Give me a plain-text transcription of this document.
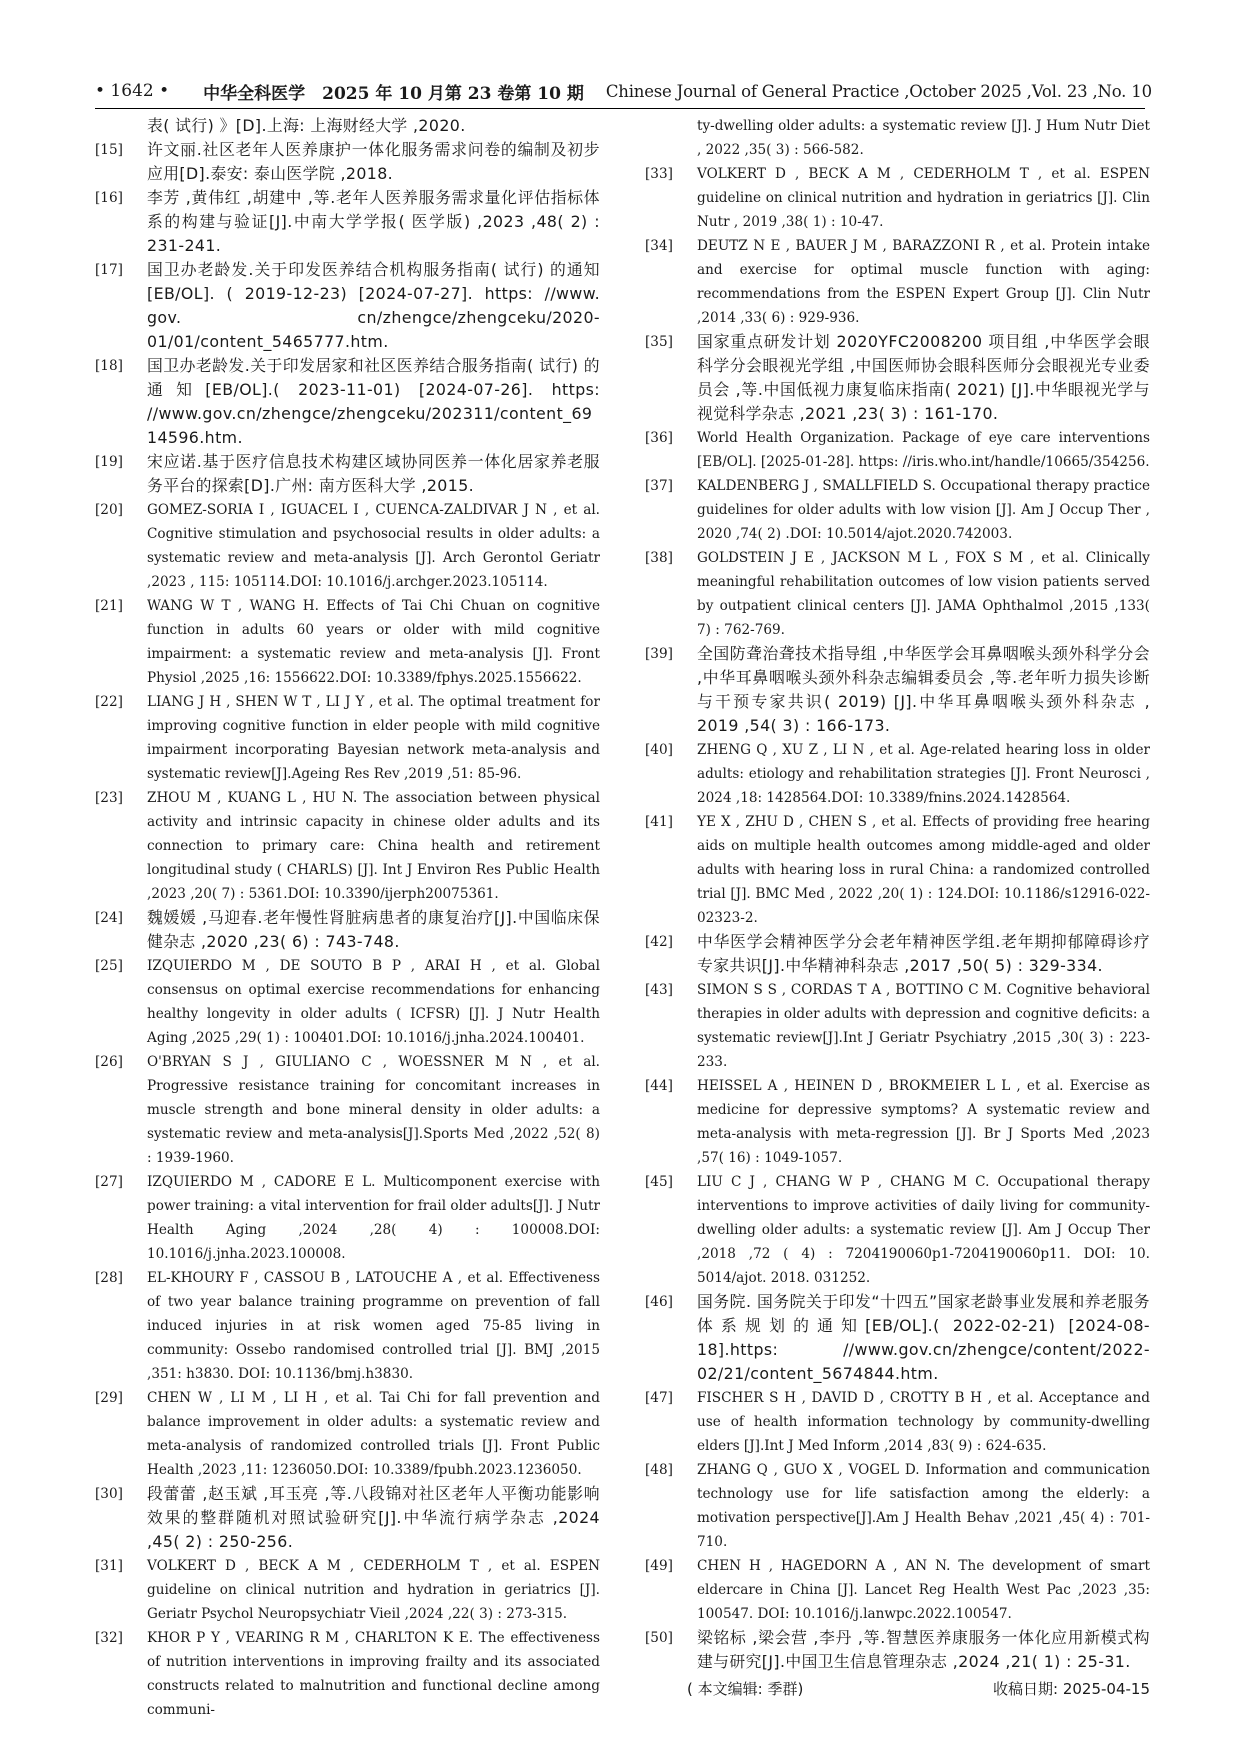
• 1642 • 中华全科医学　2025 年 10 月第 23 卷第 10 期 Chinese Journal of General Practice ,October 2025 ,Vol. 23 ,No. 10
表( 试行) 》[D].上海: 上海财经大学 ,2020.
[15]	许文丽.社区老年人医养康护一体化服务需求问卷的编制及初步应用[D].泰安: 泰山医学院 ,2018.
[16]	李芳 ,黄伟红 ,胡建中 ,等.老年人医养服务需求量化评估指标体系的构建与验证[J].中南大学学报( 医学版) ,2023 ,48( 2) : 231-241.
[17]	国卫办老龄发.关于印发医养结合机构服务指南( 试行) 的通知[EB/OL]. ( 2019-12-23) [2024-07-27]. https: //www. gov. cn/zhengce/zhengceku/2020-01/01/content_5465777.htm.
[18]	国卫办老龄发.关于印发居家和社区医养结合服务指南( 试行) 的通知[EB/OL].( 2023-11-01) [2024-07-26]. https: //www.gov.cn/zhengce/zhengceku/202311/content_6914596.htm.
[19]	宋应诺.基于医疗信息技术构建区域协同医养一体化居家养老服务平台的探索[D].广州: 南方医科大学 ,2015.
[20]	GOMEZ-SORIA I , IGUACEL I , CUENCA-ZALDIVAR J N , et al. Cognitive stimulation and psychosocial results in older adults: a systematic review and meta-analysis [J]. Arch Gerontol Geriatr ,2023 , 115: 105114.DOI: 10.1016/j.archger.2023.105114.
[21]	WANG W T , WANG H. Effects of Tai Chi Chuan on cognitive function in adults 60 years or older with mild cognitive impairment: a systematic review and meta-analysis [J]. Front Physiol ,2025 ,16: 1556622.DOI: 10.3389/fphys.2025.1556622.
[22]	LIANG J H , SHEN W T , LI J Y , et al. The optimal treatment for improving cognitive function in elder people with mild cognitive impairment incorporating Bayesian network meta-analysis and systematic review[J].Ageing Res Rev ,2019 ,51: 85-96.
[23]	ZHOU M , KUANG L , HU N. The association between physical activity and intrinsic capacity in chinese older adults and its connection to primary care: China health and retirement longitudinal study ( CHARLS) [J]. Int J Environ Res Public Health ,2023 ,20( 7) : 5361.DOI: 10.3390/ijerph20075361.
[24]	魏媛媛 ,马迎春.老年慢性肾脏病患者的康复治疗[J].中国临床保健杂志 ,2020 ,23( 6) : 743-748.
[25]	IZQUIERDO M , DE SOUTO B P , ARAI H , et al. Global consensus on optimal exercise recommendations for enhancing healthy longevity in older adults ( ICFSR) [J]. J Nutr Health Aging ,2025 ,29( 1) : 100401.DOI: 10.1016/j.jnha.2024.100401.
[26]	O'BRYAN S J , GIULIANO C , WOESSNER M N , et al. Progressive resistance training for concomitant increases in muscle strength and bone mineral density in older adults: a systematic review and meta-analysis[J].Sports Med ,2022 ,52( 8) : 1939-1960.
[27]	IZQUIERDO M , CADORE E L. Multicomponent exercise with power training: a vital intervention for frail older adults[J]. J Nutr Health Aging ,2024 ,28( 4) : 100008.DOI: 10.1016/j.jnha.2023.100008.
[28]	EL-KHOURY F , CASSOU B , LATOUCHE A , et al. Effectiveness of two year balance training programme on prevention of fall induced injuries in at risk women aged 75-85 living in community: Ossebo randomised controlled trial [J]. BMJ ,2015 ,351: h3830. DOI: 10.1136/bmj.h3830.
[29]	CHEN W , LI M , LI H , et al. Tai Chi for fall prevention and balance improvement in older adults: a systematic review and meta-analysis of randomized controlled trials [J]. Front Public Health ,2023 ,11: 1236050.DOI: 10.3389/fpubh.2023.1236050.
[30]	段蕾蕾 ,赵玉斌 ,耳玉亮 ,等.八段锦对社区老年人平衡功能影响效果的整群随机对照试验研究[J].中华流行病学杂志 ,2024 ,45( 2) : 250-256.
[31]	VOLKERT D , BECK A M , CEDERHOLM T , et al. ESPEN guideline on clinical nutrition and hydration in geriatrics [J]. Geriatr Psychol Neuropsychiatr Vieil ,2024 ,22( 3) : 273-315.
[32]	KHOR P Y , VEARING R M , CHARLTON K E. The effectiveness of nutrition interventions in improving frailty and its associated constructs related to malnutrition and functional decline among communi-
ty-dwelling older adults: a systematic review [J]. J Hum Nutr Diet , 2022 ,35( 3) : 566-582.
[33]	VOLKERT D , BECK A M , CEDERHOLM T , et al. ESPEN guideline on clinical nutrition and hydration in geriatrics [J]. Clin Nutr , 2019 ,38( 1) : 10-47.
[34]	DEUTZ N E , BAUER J M , BARAZZONI R , et al. Protein intake and exercise for optimal muscle function with aging: recommendations from the ESPEN Expert Group [J]. Clin Nutr ,2014 ,33( 6) : 929-936.
[35]	国家重点研发计划 2020YFC2008200 项目组 ,中华医学会眼科学分会眼视光学组 ,中国医师协会眼科医师分会眼视光专业委员会 ,等.中国低视力康复临床指南( 2021) [J].中华眼视光学与视觉科学杂志 ,2021 ,23( 3) : 161-170.
[36]	World Health Organization. Package of eye care interventions [EB/OL]. [2025-01-28]. https: //iris.who.int/handle/10665/354256.
[37]	KALDENBERG J , SMALLFIELD S. Occupational therapy practice guidelines for older adults with low vision [J]. Am J Occup Ther , 2020 ,74( 2) .DOI: 10.5014/ajot.2020.742003.
[38]	GOLDSTEIN J E , JACKSON M L , FOX S M , et al. Clinically meaningful rehabilitation outcomes of low vision patients served by outpatient clinical centers [J]. JAMA Ophthalmol ,2015 ,133( 7) : 762-769.
[39]	全国防聋治聋技术指导组 ,中华医学会耳鼻咽喉头颈外科学分会 ,中华耳鼻咽喉头颈外科杂志编辑委员会 ,等.老年听力损失诊断与干预专家共识( 2019) [J].中华耳鼻咽喉头颈外科杂志 , 2019 ,54( 3) : 166-173.
[40]	ZHENG Q , XU Z , LI N , et al. Age-related hearing loss in older adults: etiology and rehabilitation strategies [J]. Front Neurosci , 2024 ,18: 1428564.DOI: 10.3389/fnins.2024.1428564.
[41]	YE X , ZHU D , CHEN S , et al. Effects of providing free hearing aids on multiple health outcomes among middle-aged and older adults with hearing loss in rural China: a randomized controlled trial [J]. BMC Med , 2022 ,20( 1) : 124.DOI: 10.1186/s12916-022-02323-2.
[42]	中华医学会精神医学分会老年精神医学组.老年期抑郁障碍诊疗专家共识[J].中华精神科杂志 ,2017 ,50( 5) : 329-334.
[43]	SIMON S S , CORDAS T A , BOTTINO C M. Cognitive behavioral therapies in older adults with depression and cognitive deficits: a systematic review[J].Int J Geriatr Psychiatry ,2015 ,30( 3) : 223-233.
[44]	HEISSEL A , HEINEN D , BROKMEIER L L , et al. Exercise as medicine for depressive symptoms? A systematic review and meta-analysis with meta-regression [J]. Br J Sports Med ,2023 ,57( 16) : 1049-1057.
[45]	LIU C J , CHANG W P , CHANG M C. Occupational therapy interventions to improve activities of daily living for community-dwelling older adults: a systematic review [J]. Am J Occup Ther ,2018 ,72 ( 4) : 7204190060p1-7204190060p11. DOI: 10. 5014/ajot. 2018. 031252.
[46]	国务院. 国务院关于印发“十四五”国家老龄事业发展和养老服务体系规划的通知[EB/OL].( 2022-02-21) [2024-08-18].https: //www.gov.cn/zhengce/content/2022-02/21/content_5674844.htm.
[47]	FISCHER S H , DAVID D , CROTTY B H , et al. Acceptance and use of health information technology by community-dwelling elders [J].Int J Med Inform ,2014 ,83( 9) : 624-635.
[48]	ZHANG Q , GUO X , VOGEL D. Information and communication technology use for life satisfaction among the elderly: a motivation perspective[J].Am J Health Behav ,2021 ,45( 4) : 701-710.
[49]	CHEN H , HAGEDORN A , AN N. The development of smart eldercare in China [J]. Lancet Reg Health West Pac ,2023 ,35: 100547. DOI: 10.1016/j.lanwpc.2022.100547.
[50]	梁铭标 ,梁会营 ,李丹 ,等.智慧医养康服务一体化应用新模式构建与研究[J].中国卫生信息管理杂志 ,2024 ,21( 1) : 25-31.
( 本文编辑: 季群)	收稿日期: 2025-04-15
